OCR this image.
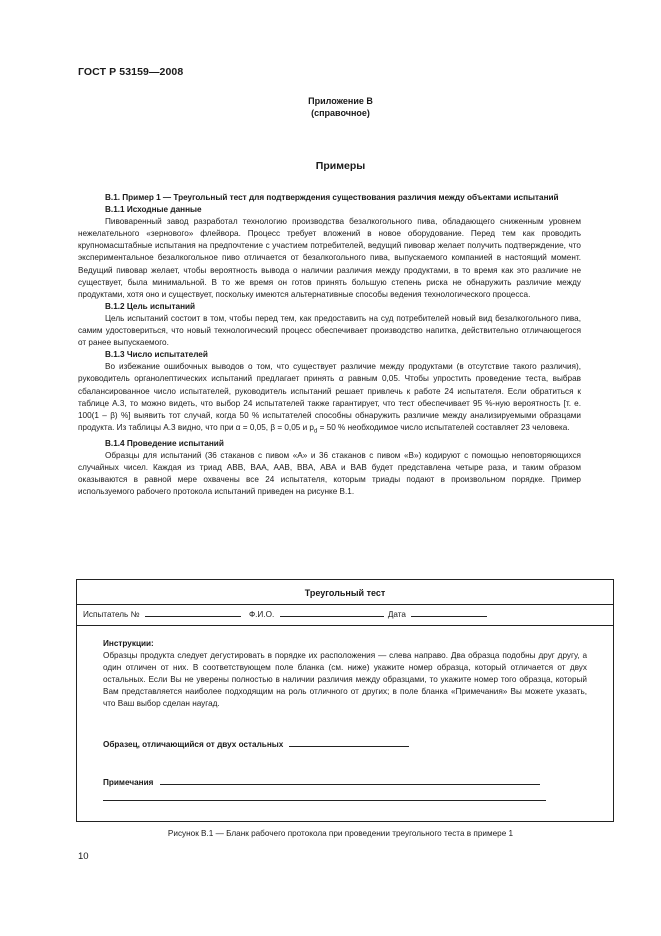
ГОСТ Р 53159—2008
Приложение В
(справочное)
Примеры

В.1. Пример 1 — Треугольный тест для подтверждения существования различия между объектами испытаний

В.1.1 Исходные данные

Пивоваренный завод разработал технологию производства безалкогольного пива, обладающего сниженным уровнем нежелательного «зернового» флейвора. Процесс требует вложений в новое оборудование. Перед тем как проводить крупномасштабные испытания на предпочтение с участием потребителей, ведущий пивовар желает получить подтверждение, что экспериментальное безалкогольное пиво отличается от безалкогольного пива, выпускаемого компанией в настоящий момент. Ведущий пивовар желает, чтобы вероятность вывода о наличии различия между продуктами, в то время как это различие не существует, была минимальной. В то же время он готов принять большую степень риска не обнаружить различие между продуктами, хотя оно и существует, поскольку имеются альтернативные способы ведения технологического процесса.

В.1.2 Цель испытаний

Цель испытаний состоит в том, чтобы перед тем, как предоставить на суд потребителей новый вид безалкогольного пива, самим удостовериться, что новый технологический процесс обеспечивает производство напитка, действительно отличающегося от ранее выпускаемого.

В.1.3 Число испытателей

Во избежание ошибочных выводов о том, что существует различие между продуктами (в отсутствие такого различия), руководитель органолептических испытаний предлагает принять α равным 0,05. Чтобы упростить проведение теста, выбрав сбалансированное число испытателей, руководитель испытаний решает привлечь к работе 24 испытателя. Если обратиться к таблице А.3, то можно видеть, что выбор 24 испытателей также гарантирует, что тест обеспечивает 95 %-ную вероятность [т. е. 100(1 – β) %] выявить тот случай, когда 50 % испытателей способны обнаружить различие между анализируемыми образцами продукта. Из таблицы А.3 видно, что при α = 0,05, β = 0,05 и $p_d = 50$ % необходимое число испытателей составляет 23 человека.

В.1.4 Проведение испытаний

Образцы для испытаний (36 стаканов с пивом «А» и 36 стаканов с пивом «В») кодируют с помощью неповторяющихся случайных чисел. Каждая из триад ABB, BAA, AAB, BBA, ABA и BAB будет представлена четыре раза, и таким образом оказываются в равной мере охвачены все 24 испытателя, которым триады подают в произвольном порядке. Пример используемого рабочего протокола испытаний приведен на рисунке В.1.

Треугольный тест
Испытатель №	Ф.И.О.	Дата
Инструкции:
Образцы продукта следует дегустировать в порядке их расположения — слева направо. Два образца подобны друг другу, а один отличен от них. В соответствующем поле бланка (см. ниже) укажите номер образца, который отличается от двух остальных. Если Вы не уверены полностью в наличии различия между образцами, то укажите номер того образца, который Вам представляется наиболее подходящим на роль отличного от других; в поле бланка «Примечания» Вы можете указать, что Ваш выбор сделан наугад.
Образец, отличающийся от двух остальных
Примечания
Рисунок В.1 — Бланк рабочего протокола при проведении треугольного теста в примере 1
10
